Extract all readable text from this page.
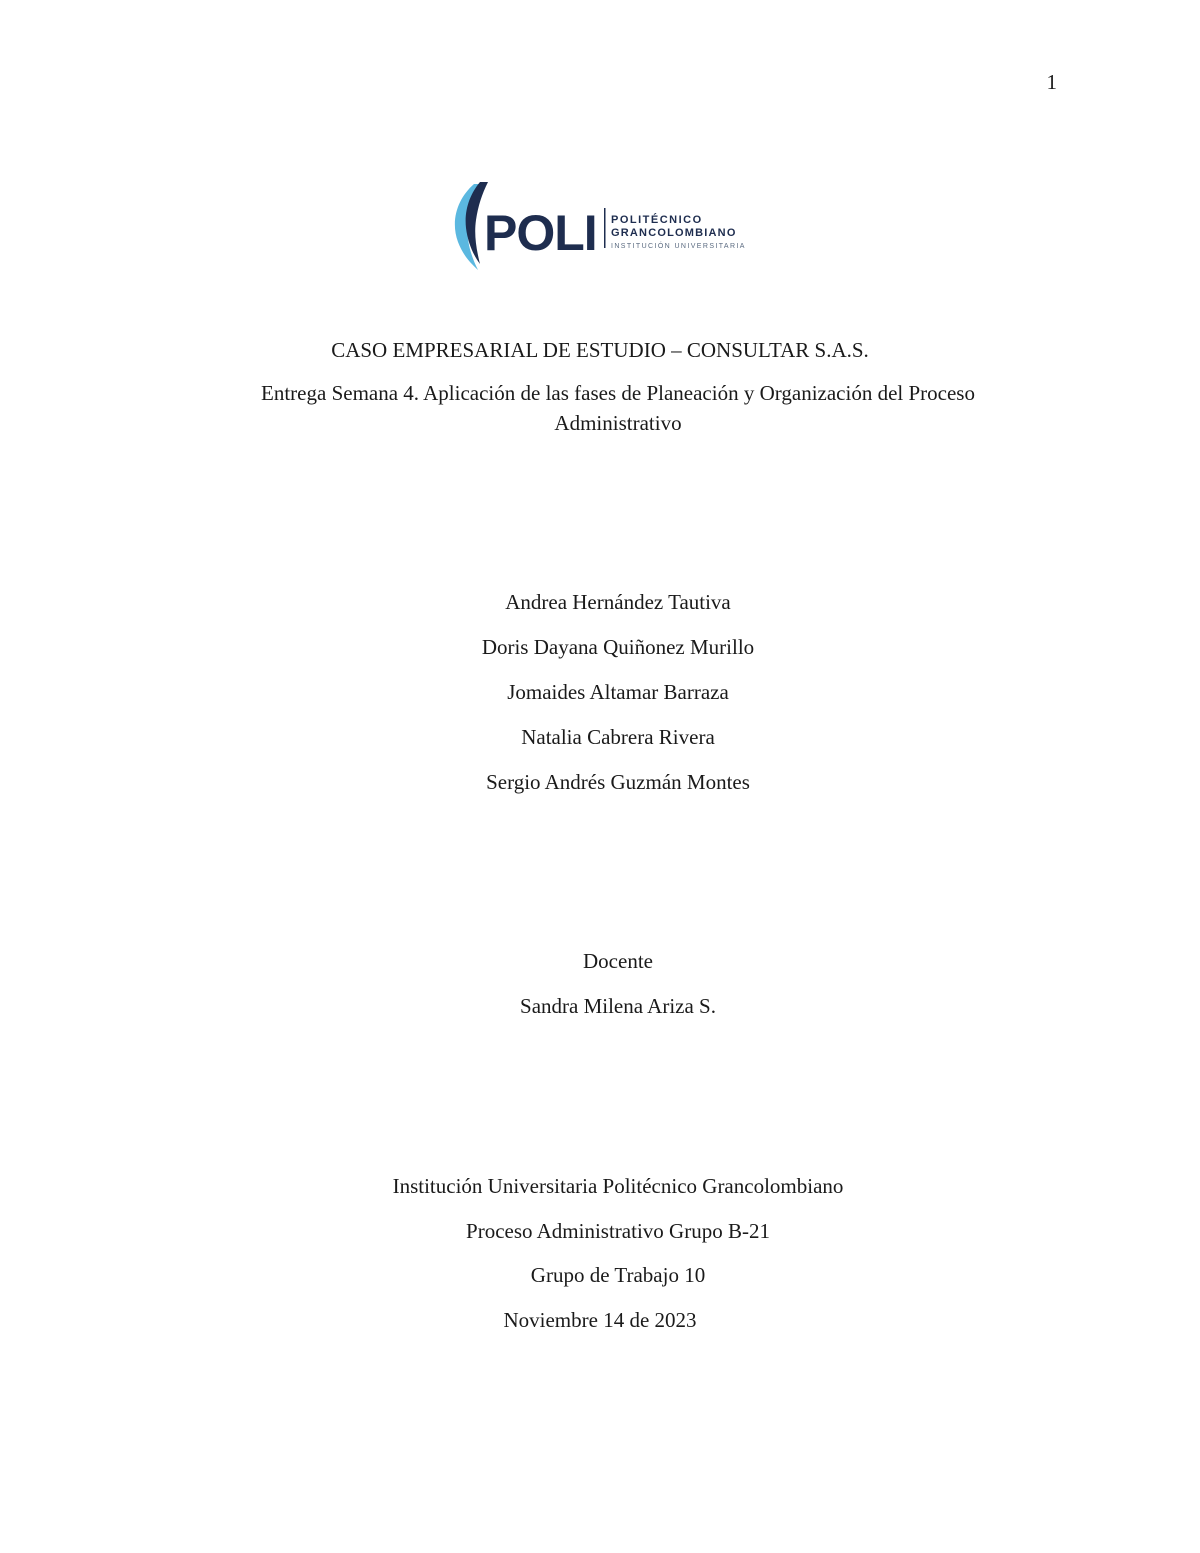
1
POLI POLITÉCNICO
GRANCOLOMBIANO
INSTITUCIÓN UNIVERSITARIA
CASO EMPRESARIAL DE ESTUDIO – CONSULTAR S.A.S.
Entrega Semana 4. Aplicación de las fases de Planeación y Organización del Proceso Administrativo
Andrea Hernández Tautiva
Doris Dayana Quiñonez Murillo
Jomaides Altamar Barraza
Natalia Cabrera Rivera
Sergio Andrés Guzmán Montes
Docente
Sandra Milena Ariza S.
Institución Universitaria Politécnico Grancolombiano
Proceso Administrativo Grupo B-21
Grupo de Trabajo 10
Noviembre 14 de 2023
